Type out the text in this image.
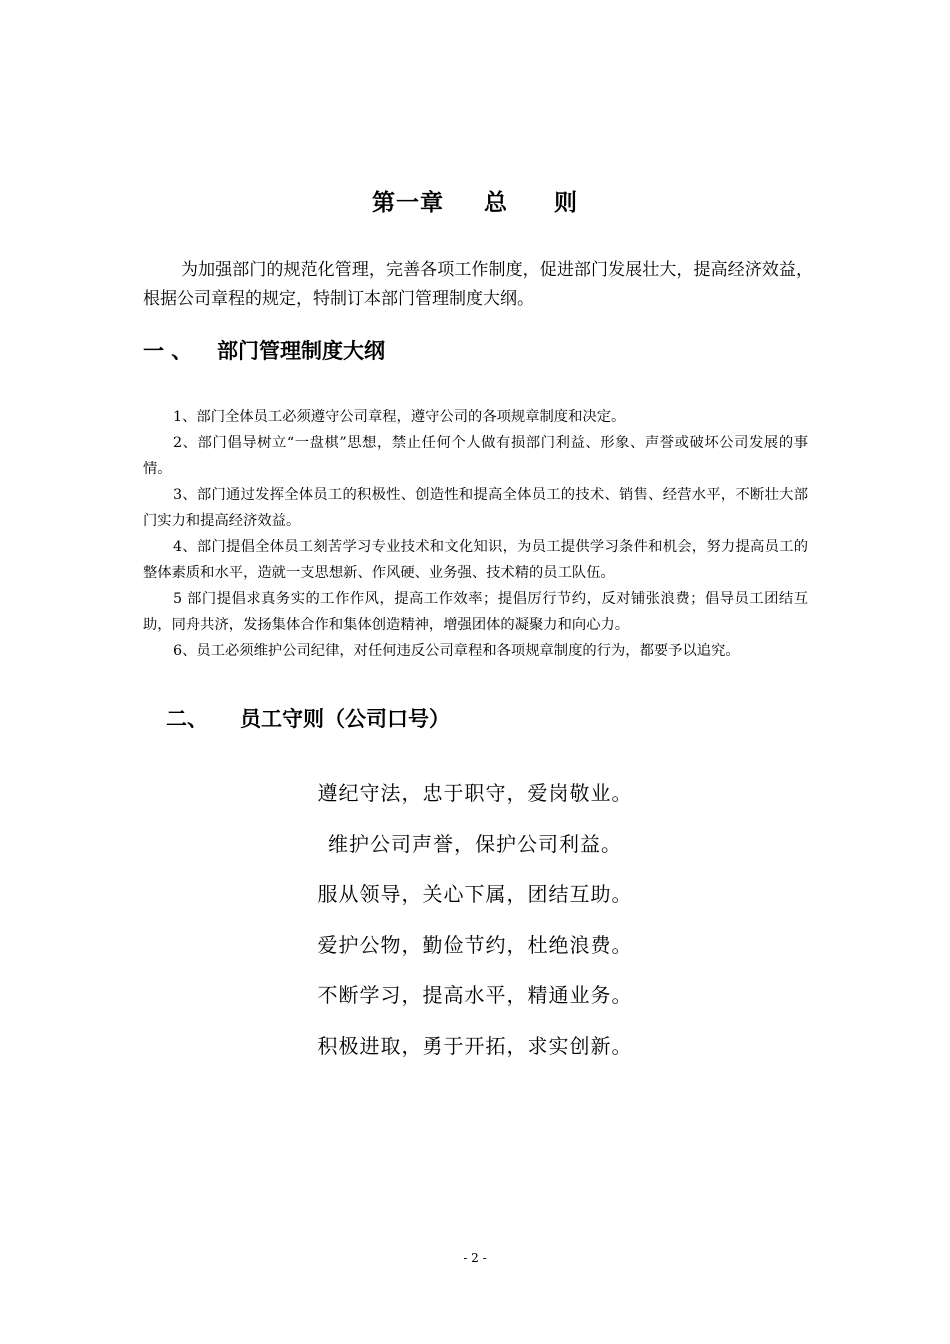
第一章 总 则

为加强部门的规范化管理，完善各项工作制度，促进部门发展壮大，提高经济效益，根据公司章程的规定，特制订本部门管理制度大纲。

一 、 部门管理制度大纲
1、部门全体员工必须遵守公司章程，遵守公司的各项规章制度和决定。
2、部门倡导树立“一盘棋”思想，禁止任何个人做有损部门利益、形象、声誉或破坏公司发展的事情。
3、部门通过发挥全体员工的积极性、创造性和提高全体员工的技术、销售、经营水平，不断壮大部门实力和提高经济效益。
4、部门提倡全体员工刻苦学习专业技术和文化知识，为员工提供学习条件和机会，努力提高员工的整体素质和水平，造就一支思想新、作风硬、业务强、技术精的员工队伍。
5 部门提倡求真务实的工作作风，提高工作效率；提倡厉行节约，反对铺张浪费；倡导员工团结互助，同舟共济，发扬集体合作和集体创造精神，增强团体的凝聚力和向心力。
6、员工必须维护公司纪律，对任何违反公司章程和各项规章制度的行为，都要予以追究。
二、 员工守则（公司口号）
遵纪守法，忠于职守，爱岗敬业。
维护公司声誉，保护公司利益。
服从领导，关心下属，团结互助。
爱护公物，勤俭节约，杜绝浪费。
不断学习，提高水平，精通业务。
积极进取，勇于开拓，求实创新。

- 2 -
